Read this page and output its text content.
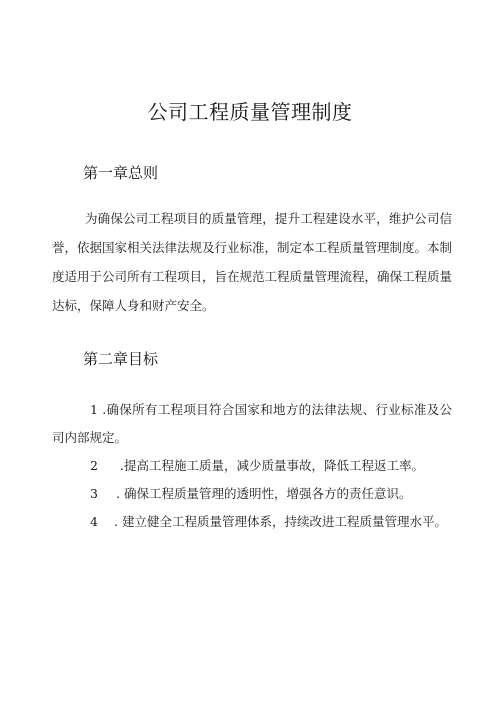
公司工程质量管理制度
第一章总则

为确保公司工程项目的质量管理，提升工程建设水平，维护公司信誉，依据国家相关法律法规及行业标准，制定本工程质量管理制度。本制度适用于公司所有工程项目，旨在规范工程质量管理流程，确保工程质量达标，保障人身和财产安全。

第二章目标

1 .确保所有工程项目符合国家和地方的法律法规、行业标准及公司内部规定。

2 .提高工程施工质量，减少质量事故，降低工程返工率。

3 . 确保工程质量管理的透明性，增强各方的责任意识。

4 . 建立健全工程质量管理体系，持续改进工程质量管理水平。
